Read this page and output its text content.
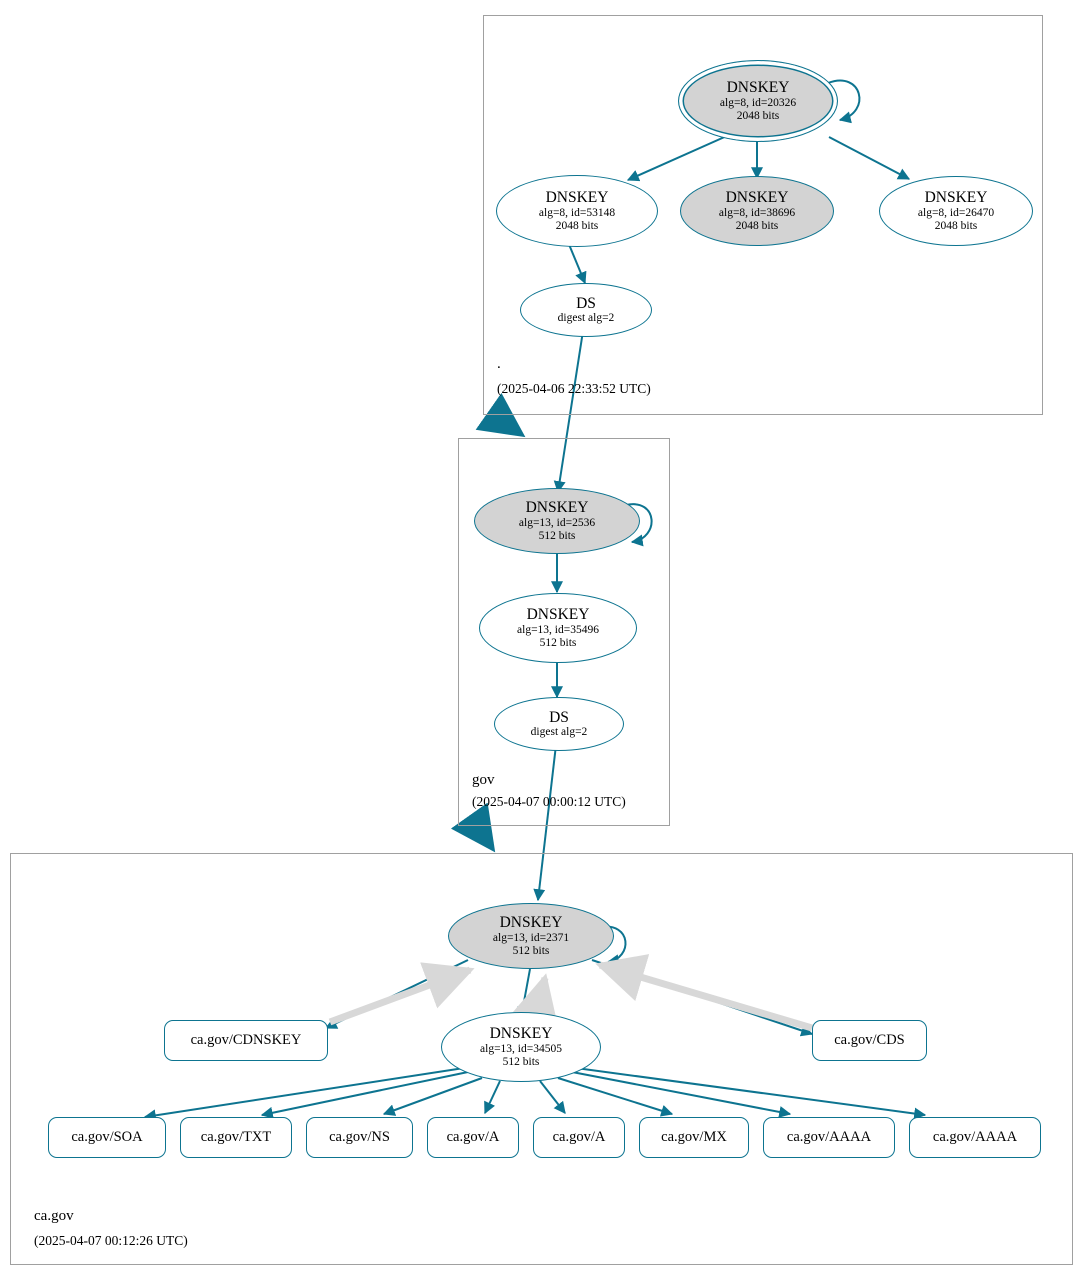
.
(2025-04-06 22:33:52 UTC)
DNSKEY
alg=8, id=20326
2048 bits
DNSKEY
alg=8, id=53148
2048 bits
DNSKEY
alg=8, id=38696
2048 bits
DNSKEY
alg=8, id=26470
2048 bits
DS
digest alg=2
gov
(2025-04-07 00:00:12 UTC)
DNSKEY
alg=13, id=2536
512 bits
DNSKEY
alg=13, id=35496
512 bits
DS
digest alg=2
ca.gov
(2025-04-07 00:12:26 UTC)
DNSKEY
alg=13, id=2371
512 bits
DNSKEY
alg=13, id=34505
512 bits
ca.gov/CDNSKEY	ca.gov/CDS
ca.gov/SOA	ca.gov/TXT	ca.gov/NS	ca.gov/A	ca.gov/A	ca.gov/MX	ca.gov/AAAA	ca.gov/AAAA
